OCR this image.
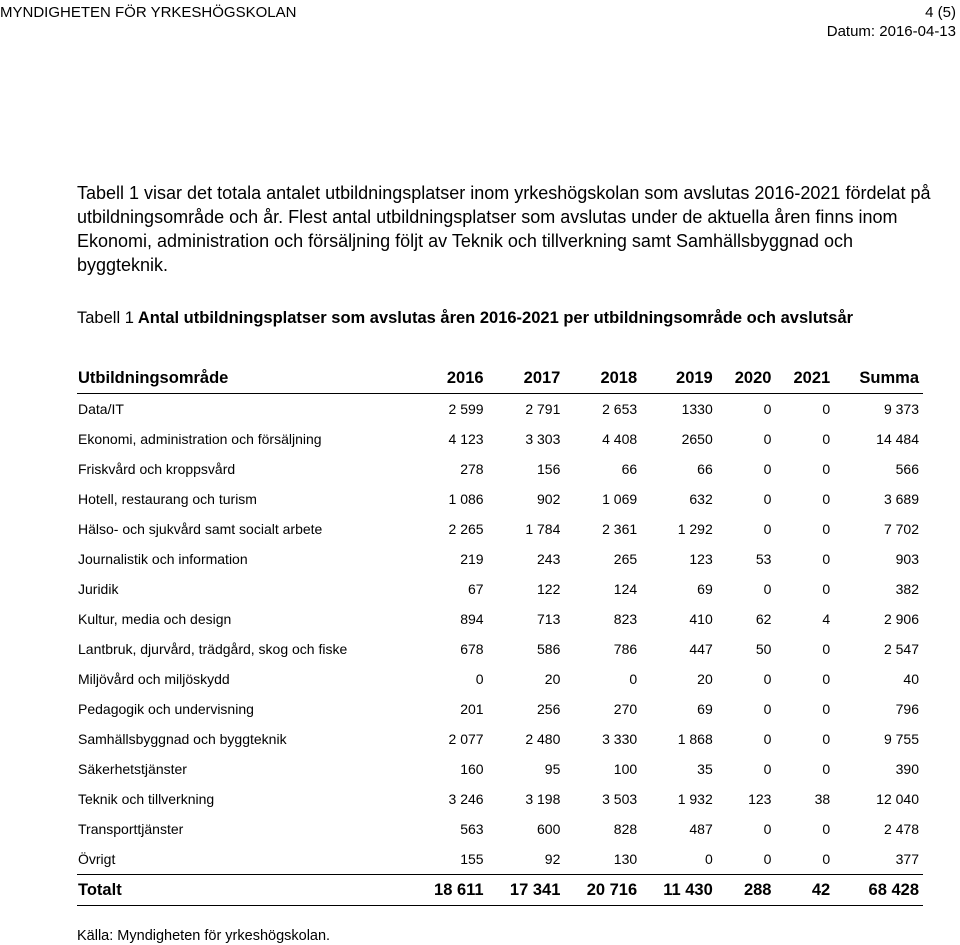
MYNDIGHETEN FÖR YRKESHÖGSKOLAN	4 (5)
Datum: 2016-04-13

Tabell 1 visar det totala antalet utbildningsplatser inom yrkeshögskolan som avslutas 2016-2021 fördelat på utbildningsområde och år. Flest antal utbildningsplatser som avslutas under de aktuella åren finns inom Ekonomi, administration och försäljning följt av Teknik och tillverkning samt Samhällsbyggnad och byggteknik.

Tabell 1 Antal utbildningsplatser som avslutas åren 2016-2021 per utbildningsområde och avslutsår

Utbildningsområde	2016	2017	2018	2019	2020	2021	Summa
Data/IT	2 599	2 791	2 653	1330	0	0	9 373
Ekonomi, administration och försäljning	4 123	3 303	4 408	2650	0	0	14 484
Friskvård och kroppsvård	278	156	66	66	0	0	566
Hotell, restaurang och turism	1 086	902	1 069	632	0	0	3 689
Hälso- och sjukvård samt socialt arbete	2 265	1 784	2 361	1 292	0	0	7 702
Journalistik och information	219	243	265	123	53	0	903
Juridik	67	122	124	69	0	0	382
Kultur, media och design	894	713	823	410	62	4	2 906
Lantbruk, djurvård, trädgård, skog och fiske	678	586	786	447	50	0	2 547
Miljövård och miljöskydd	0	20	0	20	0	0	40
Pedagogik och undervisning	201	256	270	69	0	0	796
Samhällsbyggnad och byggteknik	2 077	2 480	3 330	1 868	0	0	9 755
Säkerhetstjänster	160	95	100	35	0	0	390
Teknik och tillverkning	3 246	3 198	3 503	1 932	123	38	12 040
Transporttjänster	563	600	828	487	0	0	2 478
Övrigt	155	92	130	0	0	0	377
Totalt	18 611	17 341	20 716	11 430	288	42	68 428
Källa: Myndigheten för yrkeshögskolan.
